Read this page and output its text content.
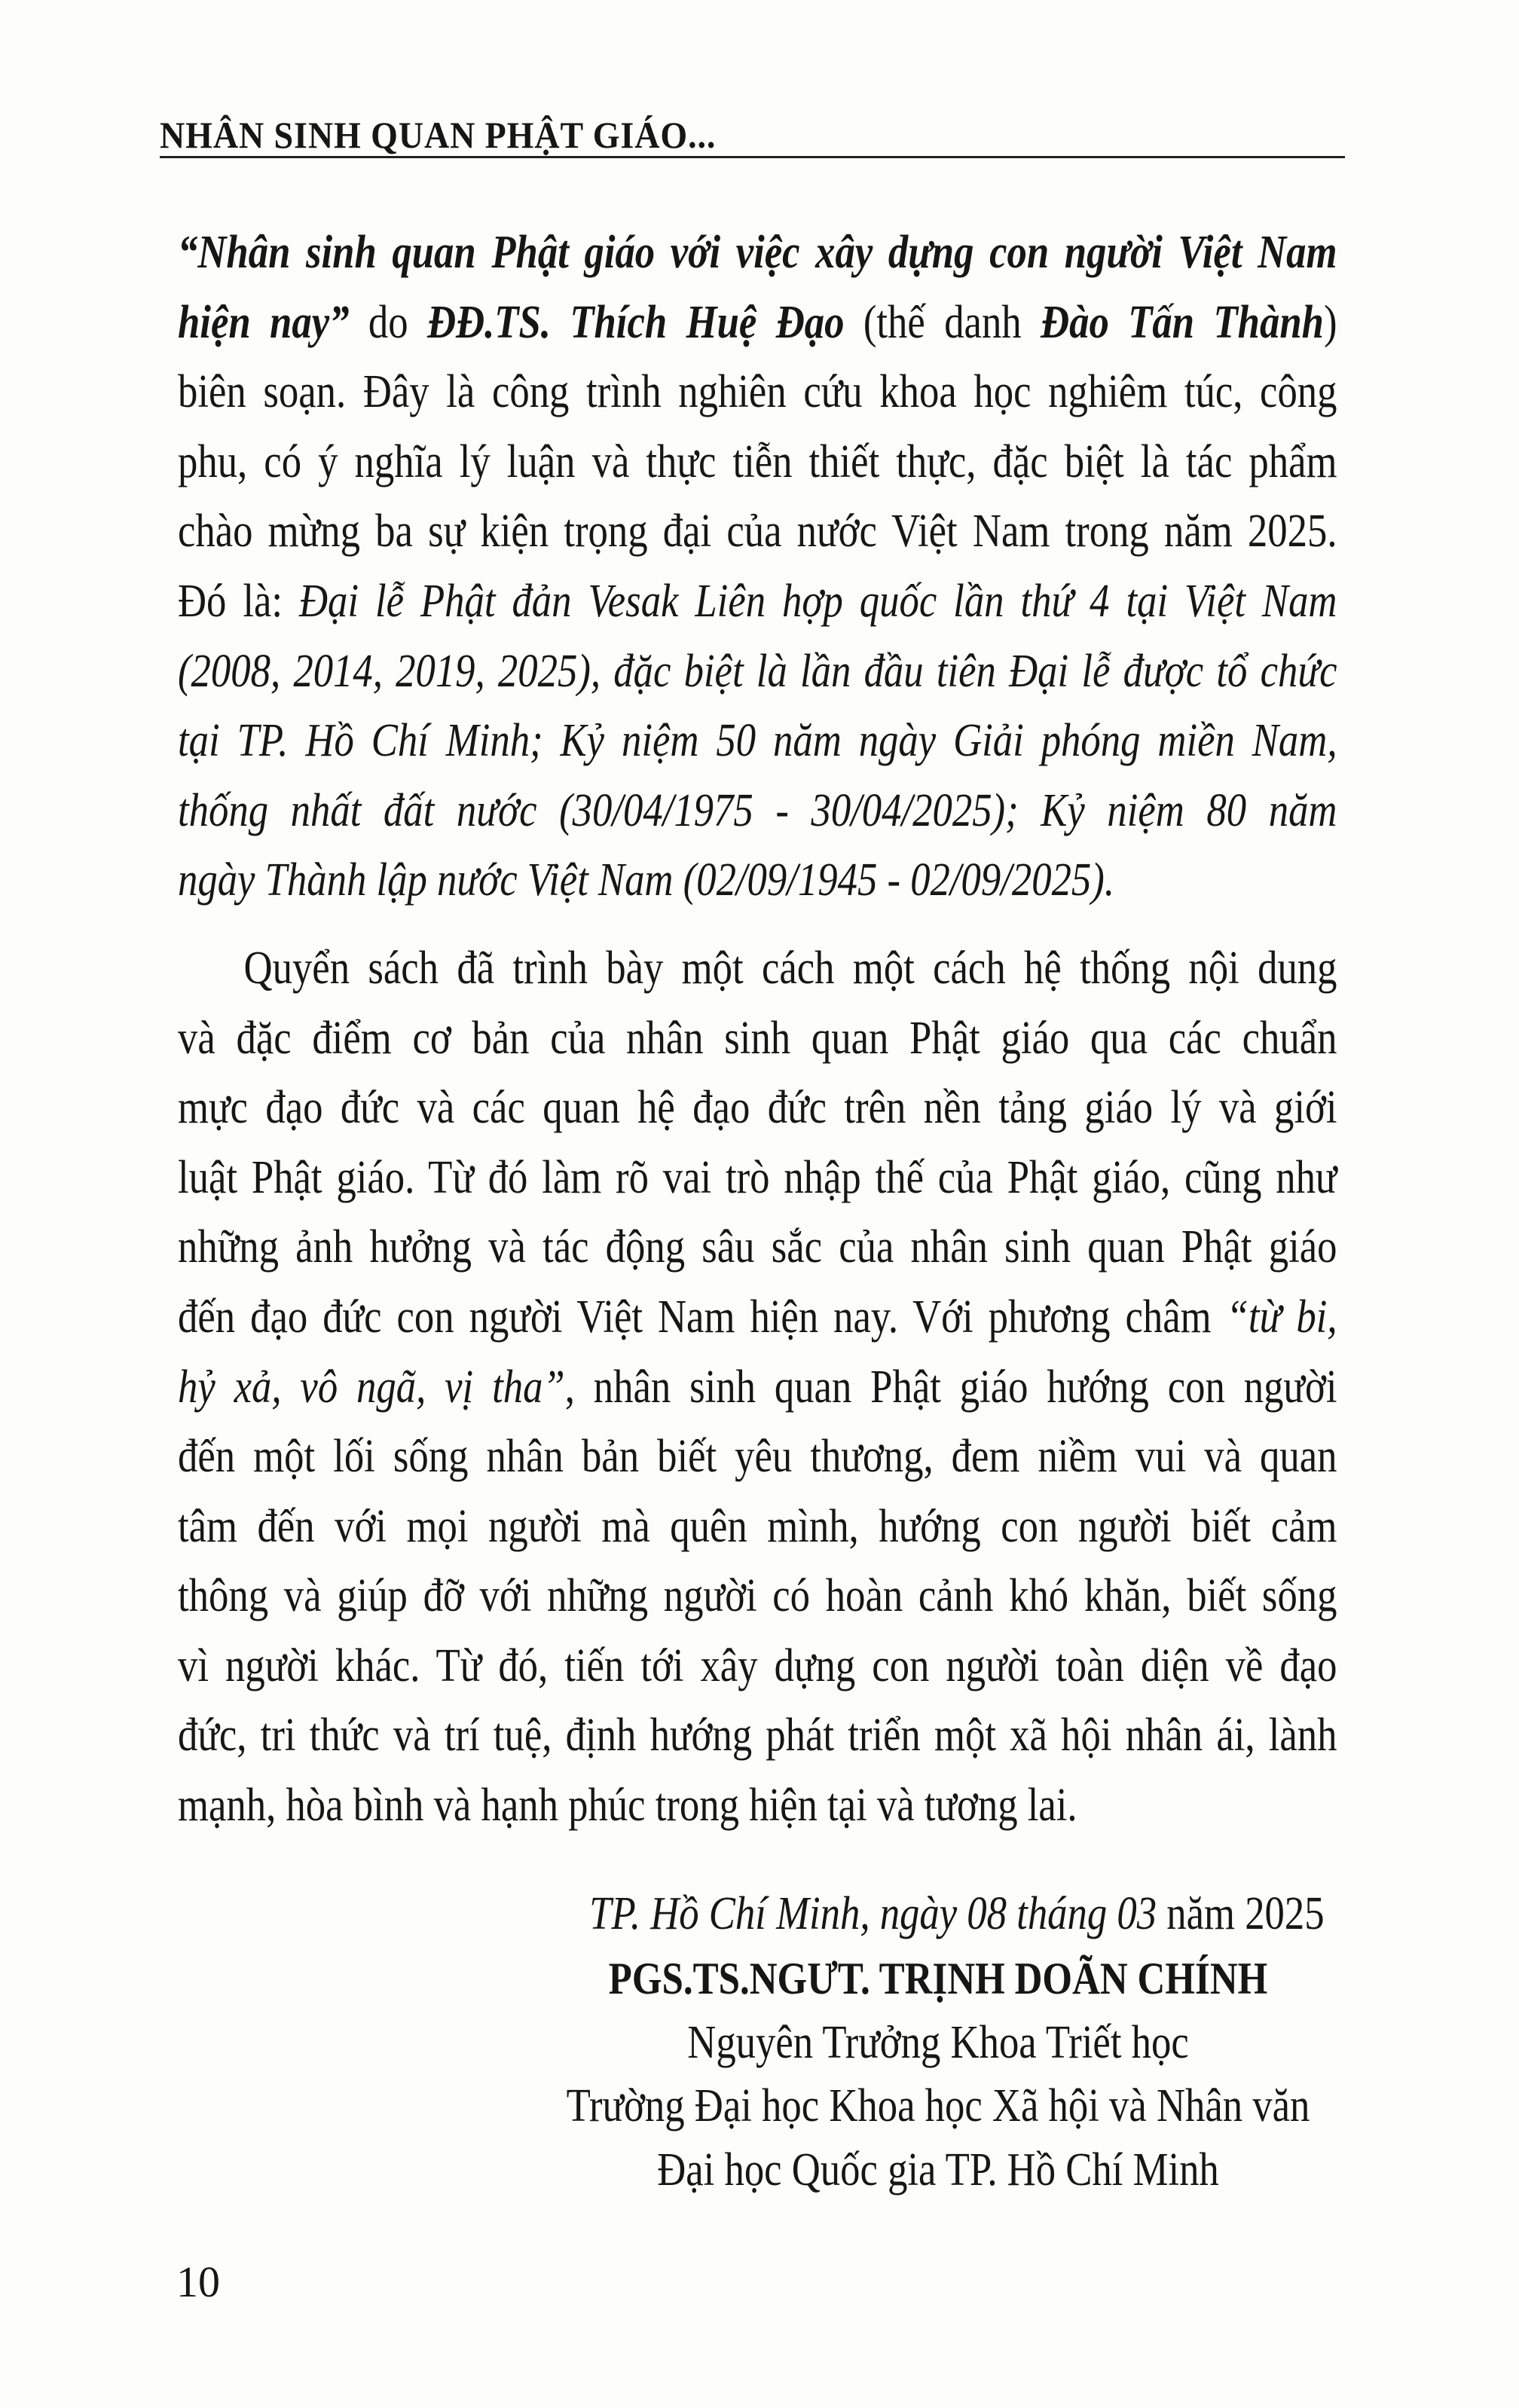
NHÂN SINH QUAN PHẬT GIÁO...
“Nhân sinh quan Phật giáo với việc xây dựng con người Việt Nam
hiện nay” do ĐĐ.TS. Thích Huệ Đạo (thế danh Đào Tấn Thành)
biên soạn. Đây là công trình nghiên cứu khoa học nghiêm túc, công
phu, có ý nghĩa lý luận và thực tiễn thiết thực, đặc biệt là tác phẩm
chào mừng ba sự kiện trọng đại của nước Việt Nam trong năm 2025.
Đó là: Đại lễ Phật đản Vesak Liên hợp quốc lần thứ 4 tại Việt Nam
(2008, 2014, 2019, 2025), đặc biệt là lần đầu tiên Đại lễ được tổ chức
tại TP. Hồ Chí Minh; Kỷ niệm 50 năm ngày Giải phóng miền Nam,
thống nhất đất nước (30/04/1975 - 30/04/2025); Kỷ niệm 80 năm
ngày Thành lập nước Việt Nam (02/09/1945 - 02/09/2025).
Quyển sách đã trình bày một cách một cách hệ thống nội dung
và đặc điểm cơ bản của nhân sinh quan Phật giáo qua các chuẩn
mực đạo đức và các quan hệ đạo đức trên nền tảng giáo lý và giới
luật Phật giáo. Từ đó làm rõ vai trò nhập thế của Phật giáo, cũng như
những ảnh hưởng và tác động sâu sắc của nhân sinh quan Phật giáo
đến đạo đức con người Việt Nam hiện nay. Với phương châm “từ bi,
hỷ xả, vô ngã, vị tha”, nhân sinh quan Phật giáo hướng con người
đến một lối sống nhân bản biết yêu thương, đem niềm vui và quan
tâm đến với mọi người mà quên mình, hướng con người biết cảm
thông và giúp đỡ với những người có hoàn cảnh khó khăn, biết sống
vì người khác. Từ đó, tiến tới xây dựng con người toàn diện về đạo
đức, tri thức và trí tuệ, định hướng phát triển một xã hội nhân ái, lành
mạnh, hòa bình và hạnh phúc trong hiện tại và tương lai.
TP. Hồ Chí Minh, ngày 08 tháng 03 năm 2025
PGS.TS.NGƯT. TRỊNH DOÃN CHÍNH
Nguyên Trưởng Khoa Triết học
Trường Đại học Khoa học Xã hội và Nhân văn
Đại học Quốc gia TP. Hồ Chí Minh
10
